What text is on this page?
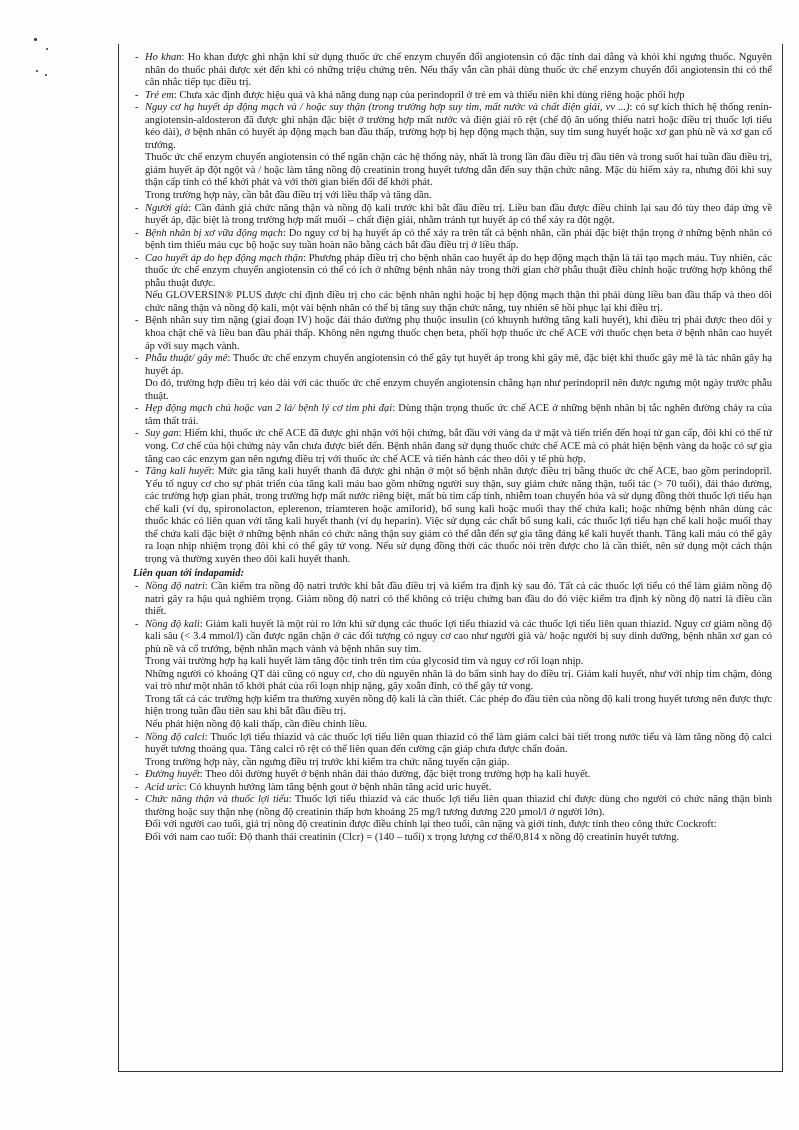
- Ho khan: Ho khan được ghi nhận khi sử dụng thuốc ức chế enzym chuyển đổi angiotensin có đặc tính dai dẳng và khỏi khi ngưng thuốc. Nguyên nhân do thuốc phải được xét đến khi có những triệu chứng trên. Nếu thấy vẫn cần phải dùng thuốc ức chế enzym chuyển đổi angiotensin thì có thể cân nhắc tiếp tục điều trị.

- Trẻ em: Chưa xác định được hiệu quả và khả năng dung nạp của perindopril ở trẻ em và thiếu niên khi dùng riêng hoặc phối hợp

- Nguy cơ hạ huyết áp động mạch và / hoặc suy thận (trong trường hợp suy tim, mất nước và chất điện giải, vv ...): có sự kích thích hệ thống renin-angiotensin-aldosteron đã được ghi nhận đặc biệt ở trường hợp mất nước và điện giải rõ rệt (chế độ ăn uống thiếu natri hoặc điều trị thuốc lợi tiểu kéo dài), ở bệnh nhân có huyết áp động mạch ban đầu thấp, trường hợp bị hẹp động mạch thận, suy tim sung huyết hoặc xơ gan phù nề và xơ gan cổ trướng.

Thuốc ức chế enzym chuyển angiotensin có thể ngăn chặn các hệ thống này, nhất là trong lần đầu điều trị đầu tiên và trong suốt hai tuần đầu điều trị, giảm huyết áp đột ngột và / hoặc làm tăng nồng độ creatinin trong huyết tương dẫn đến suy thận chức năng. Mặc dù hiếm xảy ra, nhưng đôi khi suy thận cấp tính có thể khởi phát và với thời gian biến đổi để khởi phát.

Trong trường hợp này, cần bắt đầu điều trị với liều thấp và tăng dần.

- Người già: Cần đánh giá chức năng thận và nồng độ kali trước khi bắt đầu điều trị. Liều ban đầu được điều chỉnh lại sau đó tùy theo đáp ứng về huyết áp, đặc biệt là trong trường hợp mất muối – chất điện giải, nhằm tránh tụt huyết áp có thể xảy ra đột ngột.

- Bệnh nhân bị xơ vữa động mạch: Do nguy cơ bị hạ huyết áp có thể xảy ra trên tất cả bệnh nhân, cần phải đặc biệt thận trọng ở những bệnh nhân có bệnh tim thiếu máu cục bộ hoặc suy tuần hoàn não bằng cách bắt đầu điều trị ở liều thấp.

- Cao huyết áp do hẹp động mạch thận: Phương pháp điều trị cho bệnh nhân cao huyết áp do hẹp động mạch thận là tái tạo mạch máu. Tuy nhiên, các thuốc ức chế enzym chuyển angiotensin có thể có ích ở những bệnh nhân này trong thời gian chờ phẫu thuật điều chỉnh hoặc trường hợp không thể phẫu thuật được.

Nếu GLOVERSIN® PLUS được chỉ định điều trị cho các bệnh nhân nghi hoặc bị hẹp động mạch thận thì phải dùng liều ban đầu thấp và theo dõi chức năng thận và nồng độ kali, một vài bệnh nhân có thể bị tăng suy thận chức năng, tuy nhiên sẽ hồi phục lại khi điều trị.

- Bệnh nhân suy tim nặng (giai đoạn IV) hoặc đái tháo đường phụ thuộc insulin (có khuynh hướng tăng kali huyết), khi điều trị phải được theo dõi y khoa chặt chẽ và liều ban đầu phải thấp. Không nên ngưng thuốc chẹn beta, phối hợp thuốc ức chế ACE với thuốc chẹn beta ở bệnh nhân cao huyết áp với suy mạch vành.

- Phẫu thuật/ gây mê: Thuốc ức chế enzym chuyển angiotensin có thể gây tụt huyết áp trong khi gây mê, đặc biệt khi thuốc gây mê là tác nhân gây hạ huyết áp.

Do đó, trường hợp điều trị kéo dài với các thuốc ức chế enzym chuyển angiotensin chẳng hạn như perindopril nên được ngưng một ngày trước phẫu thuật.

- Hẹp động mạch chủ hoặc van 2 lá/ bệnh lý cơ tim phì đại: Dùng thận trọng thuốc ức chế ACE ở những bệnh nhân bị tắc nghẽn đường chảy ra của tâm thất trái.

- Suy gan: Hiếm khi, thuốc ức chế ACE đã được ghi nhận với hội chứng, bắt đầu với vàng da ứ mật và tiến triển đến hoại tử gan cấp, đôi khi có thể tử vong. Cơ chế của hội chứng này vẫn chưa được biết đến. Bệnh nhân đang sử dụng thuốc chức chế ACE mà có phát hiện bệnh vàng da hoặc có sự gia tăng cao các enzym gan nên ngưng điều trị với thuốc ức chế ACE và tiến hành các theo dõi y tế phù hợp.

- Tăng kali huyết: Mức gia tăng kali huyết thanh đã được ghi nhận ở một số bệnh nhân được điều trị bằng thuốc ức chế ACE, bao gồm perindopril. Yếu tố nguy cơ cho sự phát triển của tăng kali máu bao gồm những người suy thận, suy giảm chức năng thận, tuổi tác (> 70 tuổi), đái tháo đường, các trường hợp gian phát, trong trường hợp mất nước riêng biệt, mất bù tim cấp tính, nhiễm toan chuyển hóa và sử dụng đồng thời thuốc lợi tiểu hạn chế kali (ví dụ, spironolacton, eplerenon, triamteren hoặc amilorid), bổ sung kali hoặc muối thay thế chứa kali; hoặc những bệnh nhân dùng các thuốc khác có liên quan với tăng kali huyết thanh (ví dụ heparin). Việc sử dụng các chất bổ sung kali, các thuốc lợi tiểu hạn chế kali hoặc muối thay thế chứa kali đặc biệt ở những bệnh nhân có chức năng thận suy giảm có thể dẫn đến sự gia tăng đáng kể kali huyết thanh. Tăng kali máu có thể gây ra loạn nhịp nhiệm trọng đôi khi có thể gây tử vong. Nếu sử dụng đồng thời các thuốc nói trên được cho là cần thiết, nên sử dụng một cách thận trọng và thường xuyên theo dõi kali huyết thanh.

Liên quan tới indapamid:

- Nồng độ natri: Cần kiểm tra nồng độ natri trước khi bắt đầu điều trị và kiểm tra định kỳ sau đó. Tất cả các thuốc lợi tiểu có thể làm giảm nồng độ natri gây ra hậu quả nghiêm trọng. Giảm nồng độ natri có thể không có triệu chứng ban đầu do đó việc kiểm tra định kỳ nồng độ natri là điều cần thiết.

- Nồng độ kali: Giảm kali huyết là một rủi ro lớn khi sử dụng các thuốc lợi tiểu thiazid và các thuốc lợi tiểu liên quan thiazid. Nguy cơ giảm nồng độ kali sâu (< 3.4 mmol/l) cần được ngăn chặn ở các đối tượng có nguy cơ cao như người già và/ hoặc người bị suy dinh dưỡng, bệnh nhân xơ gan có phù nề và cổ trướng, bệnh nhân mạch vành và bệnh nhân suy tim.

Trong vài trường hợp hạ kali huyết làm tăng độc tính trên tim của glycosid tim và nguy cơ rối loạn nhịp.

Những người có khoảng QT dài cũng có nguy cơ, cho dù nguyên nhân là do bẩm sinh hay do điều trị. Giảm kali huyết, như với nhịp tim chậm, đóng vai trò như một nhân tố khởi phát của rối loạn nhịp nặng, gây xoắn đỉnh, có thể gây tử vong.

Trong tất cả các trường hợp kiểm tra thường xuyên nồng độ kali là cần thiết. Các phép đo đầu tiên của nồng độ kali trong huyết tương nên được thực hiện trong tuần đầu tiên sau khi bắt đầu điều trị.

Nếu phát hiện nồng độ kali thấp, cần điều chỉnh liều.

- Nồng độ calci: Thuốc lợi tiểu thiazid và các thuốc lợi tiểu liên quan thiazid có thể làm giảm calci bài tiết trong nước tiểu và làm tăng nồng độ calci huyết tương thoáng qua. Tăng calci rõ rệt có thể liên quan đến cường cận giáp chưa được chẩn đoán.

Trong trường hợp này, cần ngưng điều trị trước khi kiểm tra chức năng tuyến cận giáp.

- Đường huyết: Theo dõi đường huyết ở bệnh nhân đái tháo đường, đặc biệt trong trường hợp hạ kali huyết.

- Acid uric: Có khuynh hướng làm tăng bệnh gout ở bệnh nhân tăng acid uric huyết.

- Chức năng thận và thuốc lợi tiểu: Thuốc lợi tiểu thiazid và các thuốc lợi tiểu liên quan thiazid chỉ được dùng cho người có chức năng thận bình thường hoặc suy thận nhẹ (nồng độ creatinin thấp hơn khoảng 25 mg/l tương đương 220 µmol/l ở người lớn).

Đối với người cao tuổi, giá trị nồng độ creatinin được điều chỉnh lại theo tuổi, cân nặng và giới tính, được tính theo công thức Cockroft:

Đối với nam cao tuổi: Độ thanh thải creatinin (Clcr) = (140 – tuổi) x trọng lượng cơ thể/0,814 x nồng độ creatinin huyết tương.
